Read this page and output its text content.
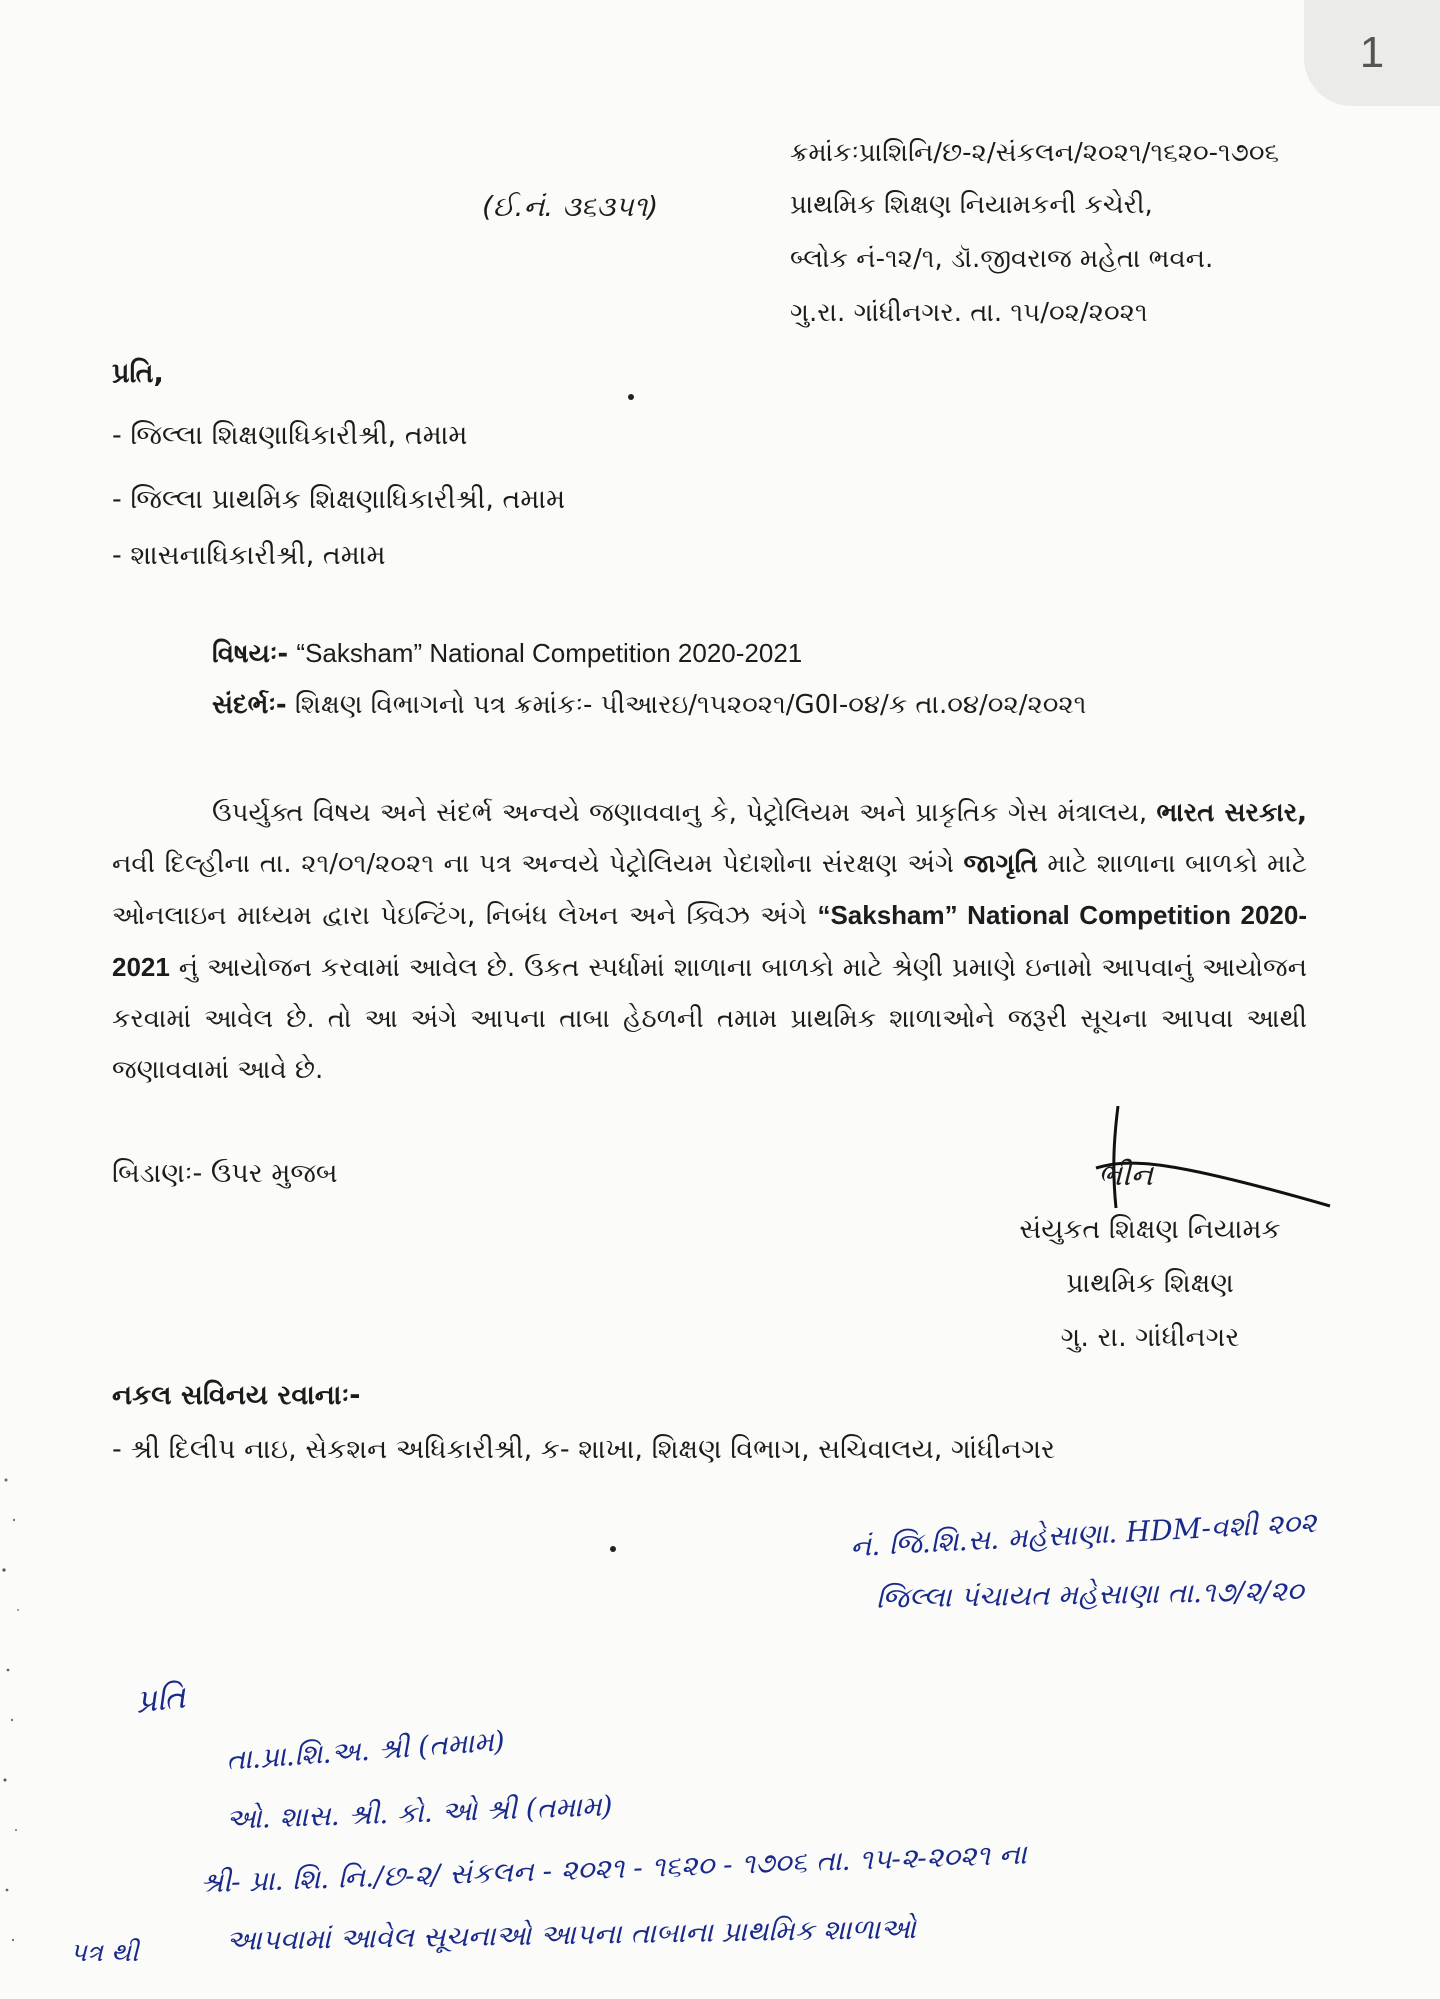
1
ક્રમાંકઃપ્રાશિનિ/છ-૨/સંકલન/૨૦૨૧/૧૬૨૦-૧૭૦૬
(ઈ.નં. ૩૬૩૫૧)	પ્રાથમિક શિક્ષણ નિયામકની કચેરી,
બ્લોક નં-૧૨/૧, ડૉ.જીવરાજ મહેતા ભવન.
ગુ.રા. ગાંધીનગર. તા. ૧૫/૦૨/૨૦૨૧
પ્રતિ,
- જિલ્લા શિક્ષણાધિકારીશ્રી, તમામ
- જિલ્લા પ્રાથમિક શિક્ષણાધિકારીશ્રી, તમામ
- શાસનાધિકારીશ્રી, તમામ
વિષયઃ- “Saksham” National Competition 2020-2021
સંદર્ભઃ- શિક્ષણ વિભાગનો પત્ર ક્રમાંકઃ- પીઆરઇ/૧૫૨૦૨૧/G0I-૦૪/ક તા.૦૪/૦૨/૨૦૨૧
ઉપર્યુક્ત વિષય અને સંદર્ભ અન્વયે જણાવવાનુ કે, પેટ્રોલિયમ અને પ્રાકૃતિક ગેસ મંત્રાલય, ભારત સરકાર, નવી દિલ્હીના તા. ૨૧/૦૧/૨૦૨૧ ના પત્ર અન્વયે પેટ્રોલિયમ પેદાશોના સંરક્ષણ અંગે જાગૃતિ માટે શાળાના બાળકો માટે ઓનલાઇન માધ્યમ દ્વારા પેઇન્ટિંગ, નિબંધ લેખન અને ક્વિઝ અંગે “Saksham” National Competition 2020-2021 નું આયોજન કરવામાં આવેલ છે. ઉકત સ્પર્ધામાં શાળાના બાળકો માટે શ્રેણી પ્રમાણે ઇનામો આપવાનું આયોજન કરવામાં આવેલ છે. તો આ અંગે આપના તાબા હેઠળની તમામ પ્રાથમિક શાળાઓને જરૂરી સૂચના આપવા આથી જણાવવામાં આવે છે.
બિડાણઃ- ઉપર મુજબ	ભીન
સંયુકત શિક્ષણ નિયામક
પ્રાથમિક શિક્ષણ
ગુ. રા. ગાંધીનગર
નકલ સવિનય રવાનાઃ-
- શ્રી દિલીપ નાઇ, સેકશન અધિકારીશ્રી, ક- શાખા, શિક્ષણ વિભાગ, સચિવાલય, ગાંધીનગર
નં. જિ.શિ.સ. મહેસાણા. HDM-વશી ૨૦૨
જિલ્લા પંચાયત મહેસાણા તા.૧૭/૨/૨૦
પ્રતિ
તા.પ્રા.શિ.અ. શ્રી (તમામ)
ઓ. શાસ. શ્રી. કો. ઓ શ્રી (તમામ)
શ્રી- પ્રા. શિ. નિ./છ-૨/ સંકલન - ૨૦૨૧ - ૧૬૨૦ - ૧૭૦૬ તા. ૧૫-૨-૨૦૨૧ ના
પત્ર થી	આપવામાં આવેલ સૂચનાઓ આપના તાબાના પ્રાથમિક શાળાઓ
